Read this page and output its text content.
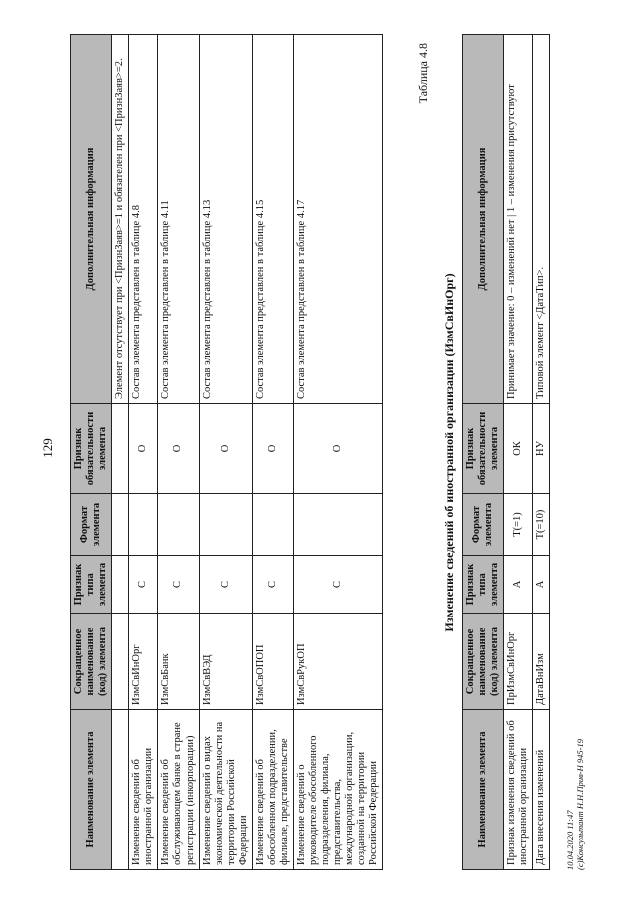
129
Наименование элемента	Сокращенное наименование (код) элемента	Признак типа элемента	Формат элемента	Признак обязательности элемента	Дополнительная информация
					Элемент отсутствует при <ПризнЗаяв>=1 и обязателен при <ПризнЗаяв>=2.
Изменение сведений об иностранной организации	ИзмСвИнОрг	С		О	Состав элемента представлен в таблице 4.8
Изменение сведений об обслуживающем банке в стране регистрации (инкорпорации)	ИзмСвБанк	С		О	Состав элемента представлен в таблице 4.11
Изменение сведений о видах экономической деятельности на территории Российской Федерации	ИзмСвВЭД	С		О	Состав элемента представлен в таблице 4.13
Изменение сведений об обособленном подразделении, филиале, представительстве	ИзмСвОПОП	С		О	Состав элемента представлен в таблице 4.15
Изменение сведений о руководителе обособленного подразделения, филиала, представительства, международной организации, созданной на территории Российской Федерации	ИзмСвРукОП	С		О	Состав элемента представлен в таблице 4.17
Таблица 4.8
Изменение сведений об иностранной организации (ИзмСвИнОрг)
Наименование элемента	Сокращенное наименование (код) элемента	Признак типа элемента	Формат элемента	Признак обязательности элемента	Дополнительная информация
Признак изменения сведений об иностранной организации	ПрИзмСвИнОрг	А	T(=1)	ОК	Принимает значение: 0 – изменений нет | 1 – изменения присутствуют
Дата внесения изменений	ДатаВнИзм	А	T(=10)	НУ	Типовой элемент <ДатаТип>.
10.04.2020 11:47 (c)Консультант Н.Н.Прив-Н 945-19
